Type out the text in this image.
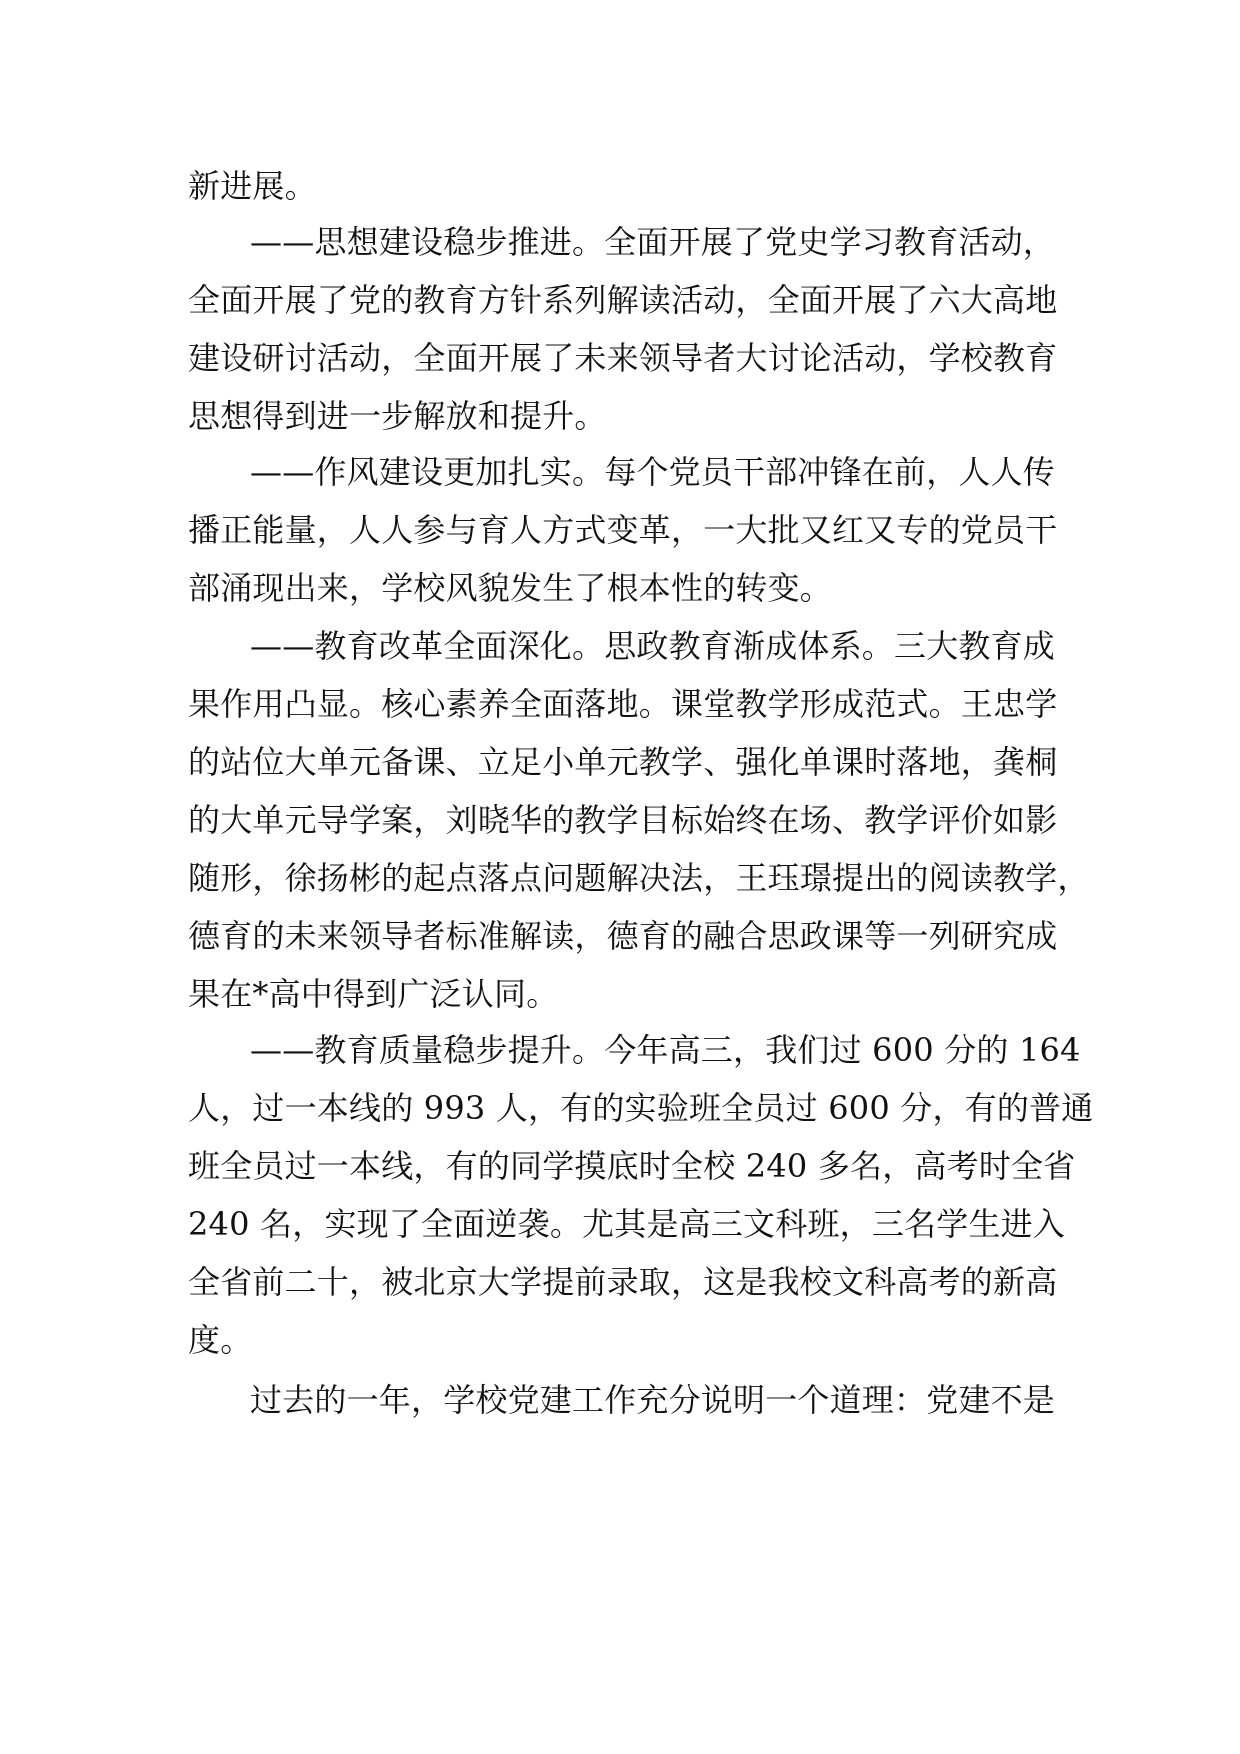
新进展。
——思想建设稳步推进。全面开展了党史学习教育活动，
全面开展了党的教育方针系列解读活动，全面开展了六大高地
建设研讨活动，全面开展了未来领导者大讨论活动，学校教育
思想得到进一步解放和提升。
——作风建设更加扎实。每个党员干部冲锋在前，人人传
播正能量，人人参与育人方式变革，一大批又红又专的党员干
部涌现出来，学校风貌发生了根本性的转变。
——教育改革全面深化。思政教育渐成体系。三大教育成
果作用凸显。核心素养全面落地。课堂教学形成范式。王忠学
的站位大单元备课、立足小单元教学、强化单课时落地，龚桐
的大单元导学案，刘晓华的教学目标始终在场、教学评价如影
随形，徐扬彬的起点落点问题解决法，王珏璟提出的阅读教学，
德育的未来领导者标准解读，德育的融合思政课等一列研究成
果在*高中得到广泛认同。
——教育质量稳步提升。今年高三，我们过 600 分的 164
人，过一本线的 993 人，有的实验班全员过 600 分，有的普通
班全员过一本线，有的同学摸底时全校 240 多名，高考时全省
240 名，实现了全面逆袭。尤其是高三文科班，三名学生进入
全省前二十，被北京大学提前录取，这是我校文科高考的新高
度。
过去的一年，学校党建工作充分说明一个道理：党建不是
